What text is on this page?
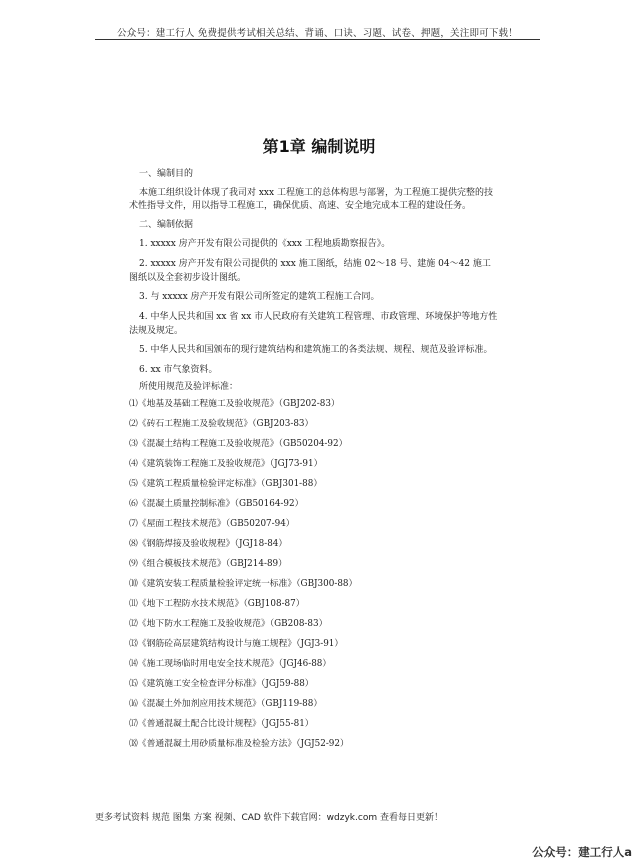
公众号：建工行人 免费提供考试相关总结、背诵、口诀、习题、试卷、押题，关注即可下载！
第1章 编制说明

一、编制目的

本施工组织设计体现了我司对 xxx 工程施工的总体构思与部署，为工程施工提供完整的技术性指导文件，用以指导工程施工，确保优质、高速、安全地完成本工程的建设任务。

二、编制依据

1. xxxxx 房产开发有限公司提供的《xxx 工程地质勘察报告》。

2. xxxxx 房产开发有限公司提供的 xxx 施工图纸，结施 02～18 号、建施 04～42 施工图纸以及全套初步设计图纸。

3. 与 xxxxx 房产开发有限公司所签定的建筑工程施工合同。

4. 中华人民共和国 xx 省 xx 市人民政府有关建筑工程管理、市政管理、环境保护等地方性法规及规定。

5. 中华人民共和国颁布的现行建筑结构和建筑施工的各类法规、规程、规范及验评标准。

6. xx 市气象资料。

所使用规范及验评标准：

⑴《地基及基础工程施工及验收规范》（GBJ202-83）
⑵《砖石工程施工及验收规范》（GBJ203-83）
⑶《混凝土结构工程施工及验收规范》（GB50204-92）
⑷《建筑装饰工程施工及验收规范》（JGJ73-91）
⑸《建筑工程质量检验评定标准》（GBJ301-88）
⑹《混凝土质量控制标准》（GB50164-92）
⑺《屋面工程技术规范》（GB50207-94）
⑻《钢筋焊接及验收规程》（JGJ18-84）
⑼《组合模板技术规范》（GBJ214-89）
⑽《建筑安装工程质量检验评定统一标准》（GBJ300-88）
⑾《地下工程防水技术规范》（GBJ108-87）
⑿《地下防水工程施工及验收规范》（GB208-83）
⒀《钢筋砼高层建筑结构设计与施工规程》（JGJ3-91）
⒁《施工现场临时用电安全技术规范》（JGJ46-88）
⒂《建筑施工安全检查评分标准》（JGJ59-88）
⒃《混凝土外加剂应用技术规范》（GBJ119-88）
⒄《普通混凝土配合比设计规程》（JGJ55-81）
⒅《普通混凝土用砂质量标准及检验方法》（JGJ52-92）
更多考试资料 规范 图集 方案 视频、CAD 软件下载官网：wdzyk.com 查看每日更新！
公众号：建工行人a
